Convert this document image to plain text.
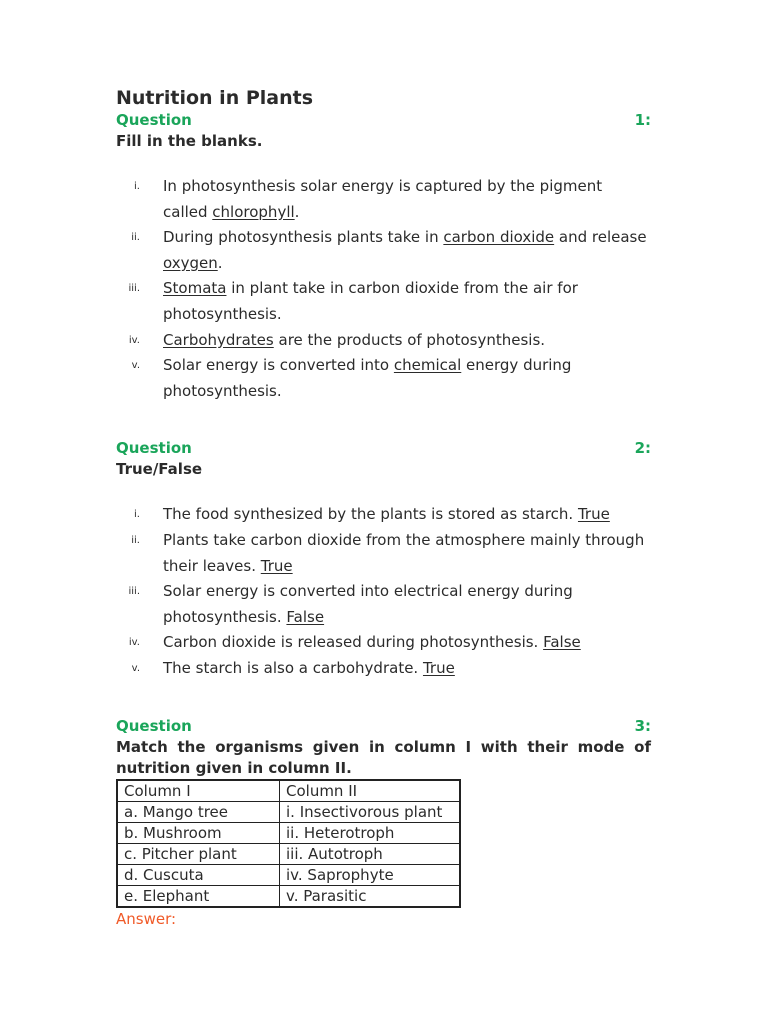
Nutrition in Plants
Question	1:
Fill in the blanks.
i. In photosynthesis solar energy is captured by the pigment called chlorophyll.
ii. During photosynthesis plants take in carbon dioxide and release oxygen.
iii. Stomata in plant take in carbon dioxide from the air for photosynthesis.
iv. Carbohydrates are the products of photosynthesis.
v. Solar energy is converted into chemical energy during photosynthesis.
Question	2:
True/False
i. The food synthesized by the plants is stored as starch. True
ii. Plants take carbon dioxide from the atmosphere mainly through their leaves. True
iii. Solar energy is converted into electrical energy during photosynthesis. False
iv. Carbon dioxide is released during photosynthesis. False
v. The starch is also a carbohydrate. True
Question	3:
Match the organisms given in column I with their mode of nutrition given in column II.
Column I	Column II
a. Mango tree	i. Insectivorous plant
b. Mushroom	ii. Heterotroph
c. Pitcher plant	iii. Autotroph
d. Cuscuta	iv. Saprophyte
e. Elephant	v. Parasitic
Answer:
